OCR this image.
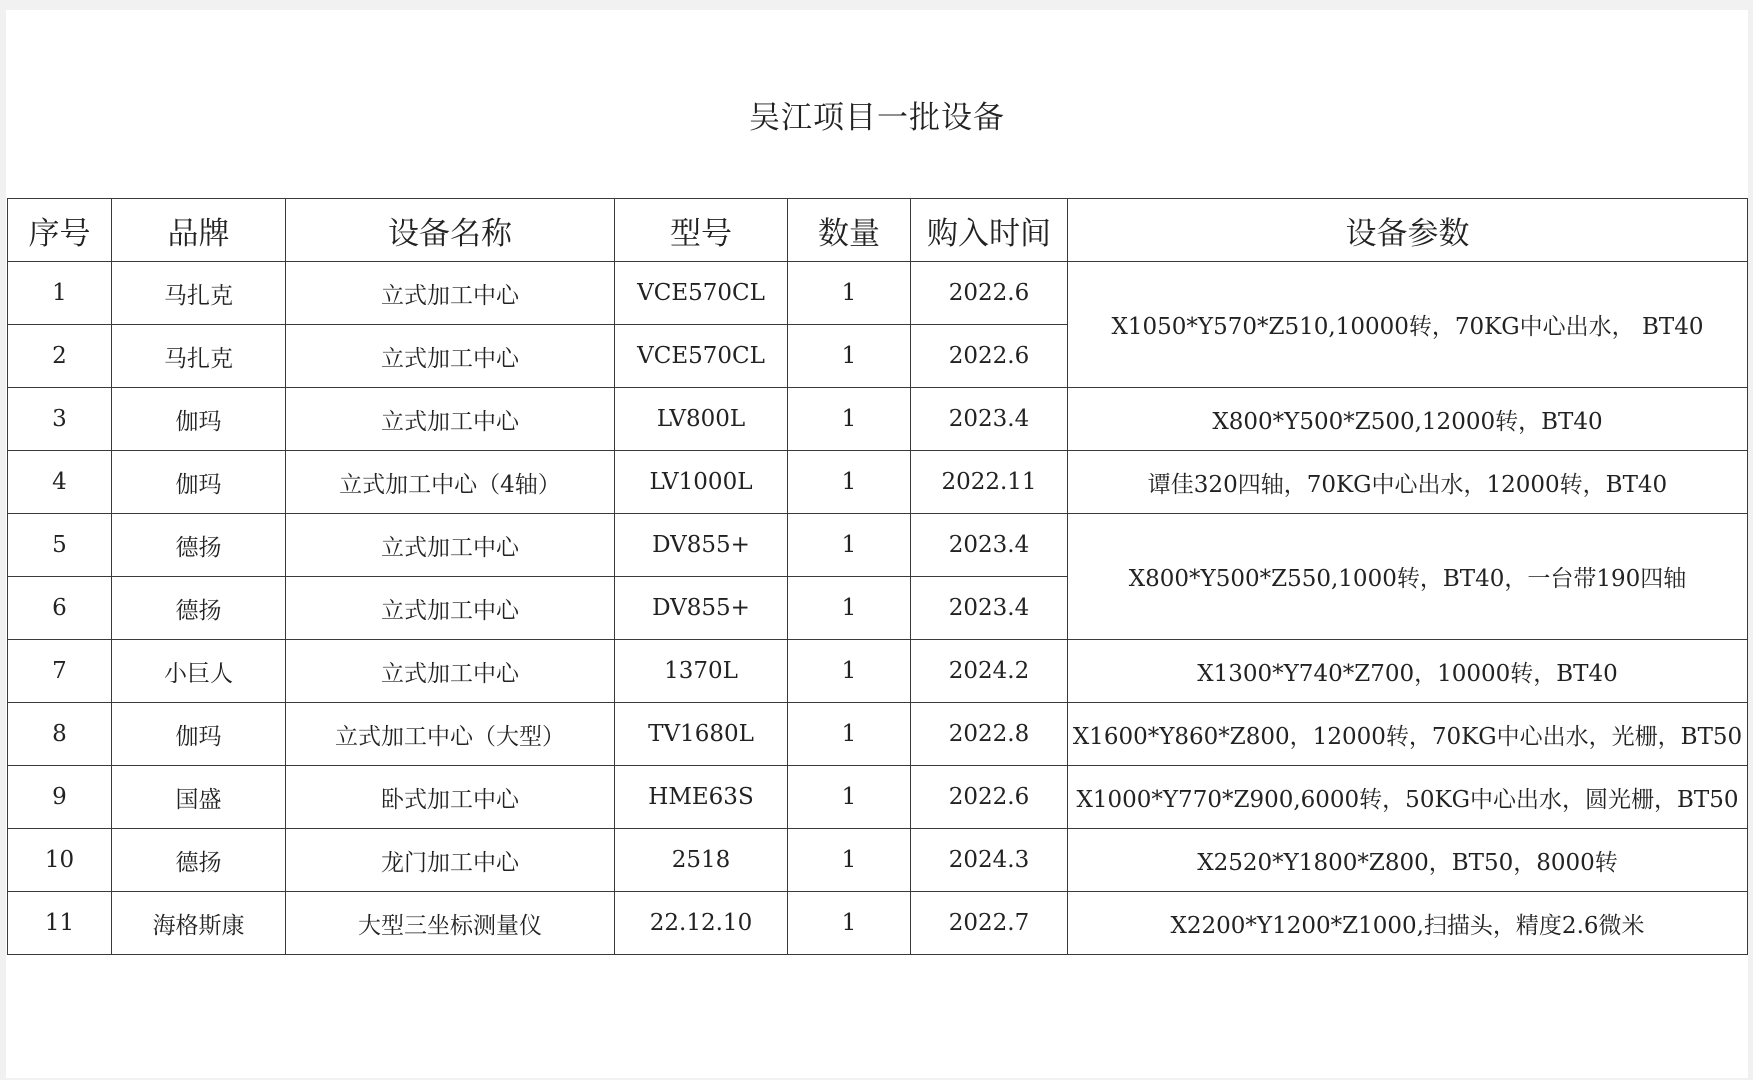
吴江项目一批设备
序号	品牌	设备名称	型号	数量	购入时间	设备参数
1	马扎克	立式加工中心	VCE570CL	1	2022.6	X1050*Y570*Z510,10000转，70KG中心出水， BT40
2	马扎克	立式加工中心	VCE570CL	1	2022.6	
3	伽玛	立式加工中心	LV800L	1	2023.4	X800*Y500*Z500,12000转，BT40
4	伽玛	立式加工中心（4轴）	LV1000L	1	2022.11	谭佳320四轴，70KG中心出水，12000转，BT40
5	德扬	立式加工中心	DV855+	1	2023.4	X800*Y500*Z550,1000转，BT40，一台带190四轴
6	德扬	立式加工中心	DV855+	1	2023.4	
7	小巨人	立式加工中心	1370L	1	2024.2	X1300*Y740*Z700，10000转，BT40
8	伽玛	立式加工中心（大型）	TV1680L	1	2022.8	X1600*Y860*Z800，12000转，70KG中心出水，光栅，BT50
9	国盛	卧式加工中心	HME63S	1	2022.6	X1000*Y770*Z900,6000转，50KG中心出水，圆光栅，BT50
10	德扬	龙门加工中心	2518	1	2024.3	X2520*Y1800*Z800，BT50，8000转
11	海格斯康	大型三坐标测量仪	22.12.10	1	2022.7	X2200*Y1200*Z1000,扫描头，精度2.6微米
